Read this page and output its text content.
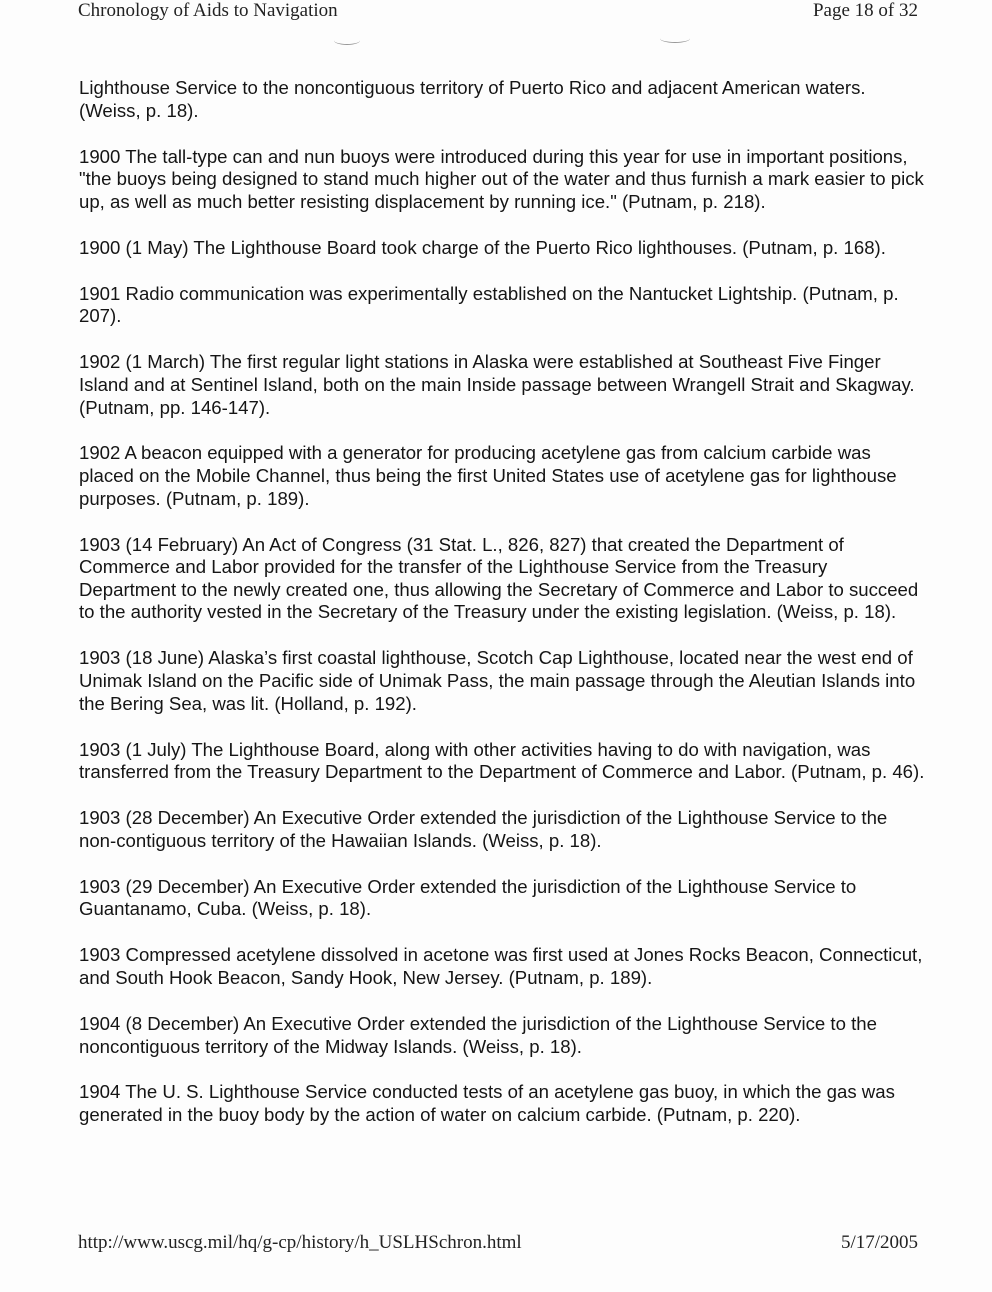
Chronology of Aids to Navigation	Page 18 of 32

Lighthouse Service to the noncontiguous territory of Puerto Rico and adjacent American waters. (Weiss, p. 18).

1900 The tall-type can and nun buoys were introduced during this year for use in important positions, "the buoys being designed to stand much higher out of the water and thus furnish a mark easier to pick up, as well as much better resisting displacement by running ice." (Putnam, p. 218).

1900 (1 May) The Lighthouse Board took charge of the Puerto Rico lighthouses. (Putnam, p. 168).

1901 Radio communication was experimentally established on the Nantucket Lightship. (Putnam, p. 207).

1902 (1 March) The first regular light stations in Alaska were established at Southeast Five Finger Island and at Sentinel Island, both on the main Inside passage between Wrangell Strait and Skagway. (Putnam, pp. 146-147).

1902 A beacon equipped with a generator for producing acetylene gas from calcium carbide was placed on the Mobile Channel, thus being the first United States use of acetylene gas for lighthouse purposes. (Putnam, p. 189).

1903 (14 February) An Act of Congress (31 Stat. L., 826, 827) that created the Department of Commerce and Labor provided for the transfer of the Lighthouse Service from the Treasury Department to the newly created one, thus allowing the Secretary of Commerce and Labor to succeed to the authority vested in the Secretary of the Treasury under the existing legislation. (Weiss, p. 18).

1903 (18 June) Alaska’s first coastal lighthouse, Scotch Cap Lighthouse, located near the west end of Unimak Island on the Pacific side of Unimak Pass, the main passage through the Aleutian Islands into the Bering Sea, was lit. (Holland, p. 192).

1903 (1 July) The Lighthouse Board, along with other activities having to do with navigation, was transferred from the Treasury Department to the Department of Commerce and Labor. (Putnam, p. 46).

1903 (28 December) An Executive Order extended the jurisdiction of the Lighthouse Service to the non-contiguous territory of the Hawaiian Islands. (Weiss, p. 18).

1903 (29 December) An Executive Order extended the jurisdiction of the Lighthouse Service to Guantanamo, Cuba. (Weiss, p. 18).

1903 Compressed acetylene dissolved in acetone was first used at Jones Rocks Beacon, Connecticut, and South Hook Beacon, Sandy Hook, New Jersey. (Putnam, p. 189).

1904 (8 December) An Executive Order extended the jurisdiction of the Lighthouse Service to the noncontiguous territory of the Midway Islands. (Weiss, p. 18).

1904 The U. S. Lighthouse Service conducted tests of an acetylene gas buoy, in which the gas was generated in the buoy body by the action of water on calcium carbide. (Putnam, p. 220).

http://www.uscg.mil/hq/g-cp/history/h_USLHSchron.html	5/17/2005
